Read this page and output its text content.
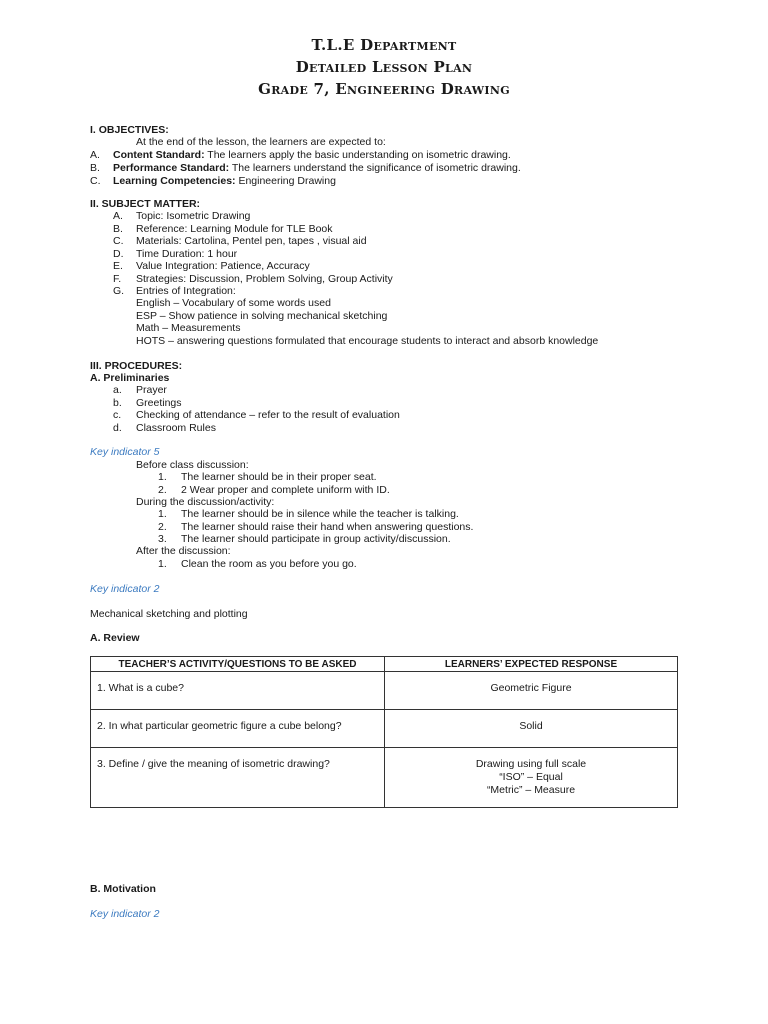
T.L.E Department
Detailed Lesson Plan
Grade 7, Engineering Drawing
I. OBJECTIVES:
At the end of the lesson, the learners are expected to:
A. Content Standard: The learners apply the basic understanding on isometric drawing.
B. Performance Standard: The learners understand the significance of isometric drawing.
C. Learning Competencies: Engineering Drawing
II. SUBJECT MATTER:
A. Topic: Isometric Drawing
B. Reference: Learning Module for TLE Book
C. Materials: Cartolina, Pentel pen, tapes , visual aid
D. Time Duration: 1 hour
E. Value Integration: Patience, Accuracy
F. Strategies: Discussion, Problem Solving, Group Activity
G. Entries of Integration:
English – Vocabulary of some words used
ESP – Show patience in solving mechanical sketching
Math – Measurements
HOTS – answering questions formulated that encourage students to interact and absorb knowledge
III. PROCEDURES:
A. Preliminaries
a. Prayer
b. Greetings
c. Checking of attendance – refer to the result of evaluation
d. Classroom Rules
Key indicator 5
Before class discussion:
1. The learner should be in their proper seat.
2. 2 Wear proper and complete uniform with ID.
During the discussion/activity:
1. The learner should be in silence while the teacher is talking.
2. The learner should raise their hand when answering questions.
3. The learner should participate in group activity/discussion.
After the discussion:
1. Clean the room as you before you go.
Key indicator 2
Mechanical sketching and plotting
A. Review
TEACHER’S ACTIVITY/QUESTIONS TO BE ASKED	LEARNERS’ EXPECTED RESPONSE
1. What is a cube?	Geometric Figure

2. In what particular geometric figure a cube belong?	Solid

3. Define / give the meaning of isometric drawing?	Drawing using full scale
“ISO” – Equal
“Metric” – Measure
B. Motivation
Key indicator 2
